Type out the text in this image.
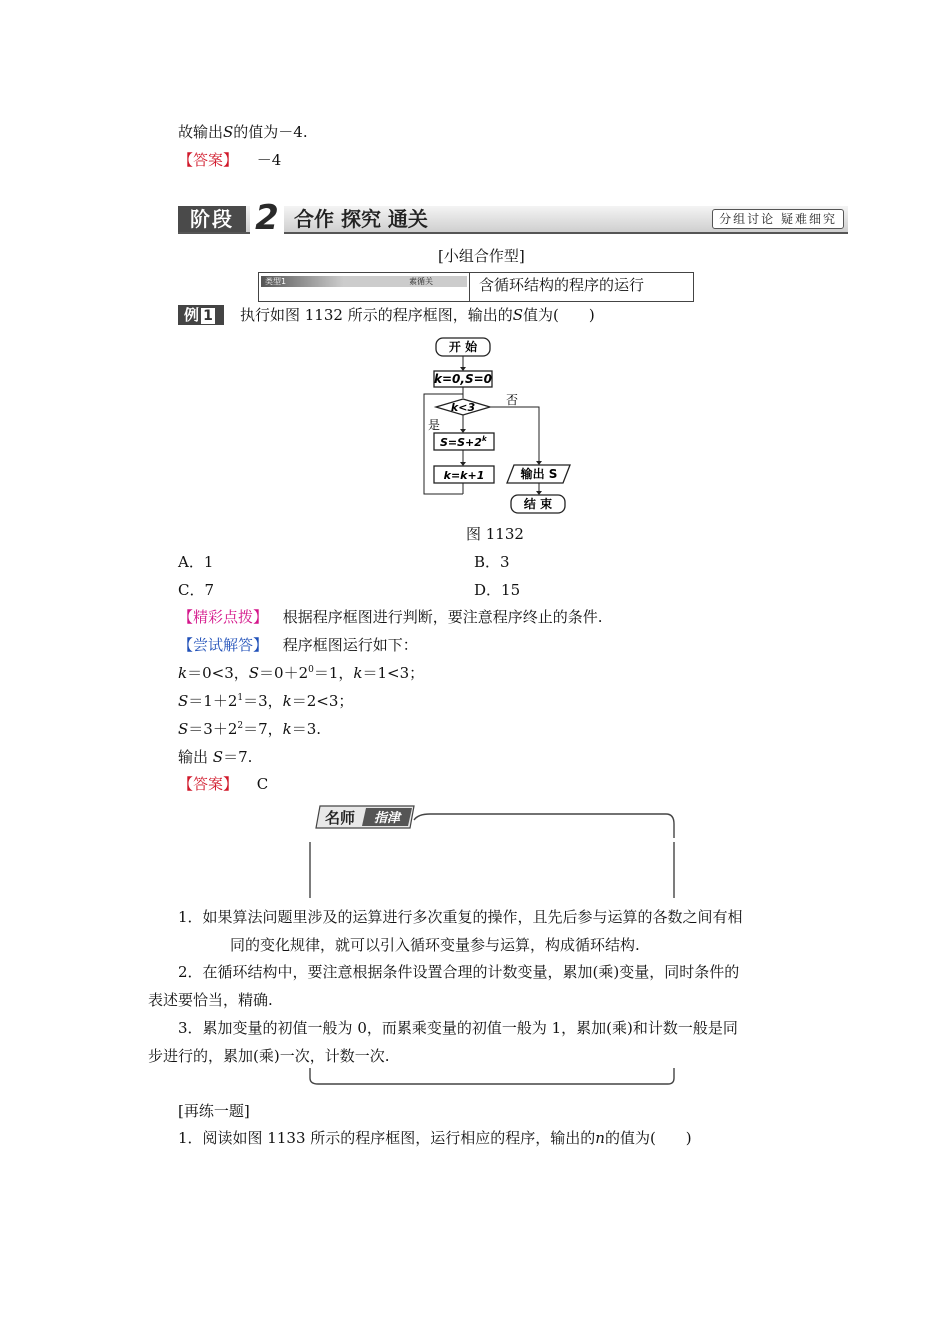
故输出S的值为－4.
【答案】 －4
阶段 2 合作 探究 通关	分组讨论 疑难细究
[小组合作型]
类型1	素循关	含循环结构的程序的运行
例 1	执行如图 1132 所示的程序框图，输出的S值为(　　)
开 始
k=0,S=0
k<3
否
是
$S=S+2^k$
k=k+1	输出 S
结 束
图 1132
A．1	B．3
C．7	D．15
【精彩点拨】 根据程序框图进行判断，要注意程序终止的条件.
【尝试解答】 程序框图运行如下：
k＝0<3，$S=0+2^0=1$，k＝1<3；
$S=1+2^1=3$，k＝2<3；
$S=3+2^2=7$，k＝3.
输出 S＝7.
【答案】 C
名师 指津
1．如果算法问题里涉及的运算进行多次重复的操作，且先后参与运算的各数之间有相
同的变化规律，就可以引入循环变量参与运算，构成循环结构.
2．在循环结构中，要注意根据条件设置合理的计数变量，累加(乘)变量，同时条件的
表述要恰当，精确.
3．累加变量的初值一般为 0，而累乘变量的初值一般为 1，累加(乘)和计数一般是同
步进行的，累加(乘)一次，计数一次.
[再练一题]
1．阅读如图 1133 所示的程序框图，运行相应的程序，输出的n的值为(　　)
